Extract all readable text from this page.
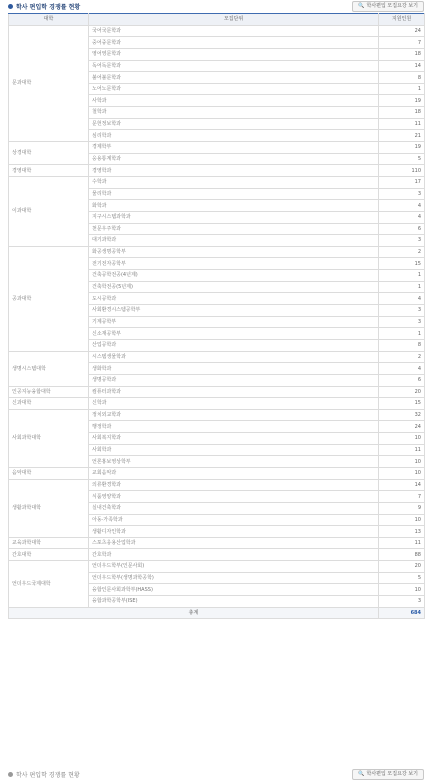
학사 편입학 경쟁률 현황	🔍 학사편입 모집요강 보기
대학	모집단위	지원인원
문과대학	국어국문학과	24
	중어중문학과	7
	영어영문학과	18
	독어독문학과	14
	불어불문학과	8
	노어노문학과	1
	사학과	19
	철학과	18
	문헌정보학과	11
	심리학과	21
상경대학	경제학부	19
	응용통계학과	5
경영대학	경영학과	110
이과대학	수학과	17
	물리학과	3
	화학과	4
	지구시스템과학과	4
	천문우주학과	6
	대기과학과	3
공과대학	화공생명공학부	2
	전기전자공학부	15
	건축공학전공(4년제)	1
	건축학전공(5년제)	1
	도시공학과	4
	사회환경시스템공학부	3
	기계공학부	3
	신소재공학부	1
	산업공학과	8
생명시스템대학	시스템생물학과	2
	생화학과	4
	생명공학과	6
인공지능융합대학	컴퓨터과학과	20
신과대학	신학과	15
사회과학대학	정치외교학과	32
	행정학과	24
	사회복지학과	10
	사회학과	11
	언론홍보영상학부	10
음악대학	교회음악과	10
생활과학대학	의류환경학과	14
	식품영양학과	7
	실내건축학과	9
	아동·가족학과	10
	생활디자인학과	13
교육과학대학	스포츠응용산업학과	11
간호대학	간호학과	88
언더우드국제대학	언더우드학부(인문사회)	20
	언더우드학부(생명과학공학)	5
	융합인문사회과학부(HASS)	10
	융합과학공학부(ISE)	3
총계		684
학사 편입학 경쟁률 현황	🔍 학사편입 모집요강 보기
